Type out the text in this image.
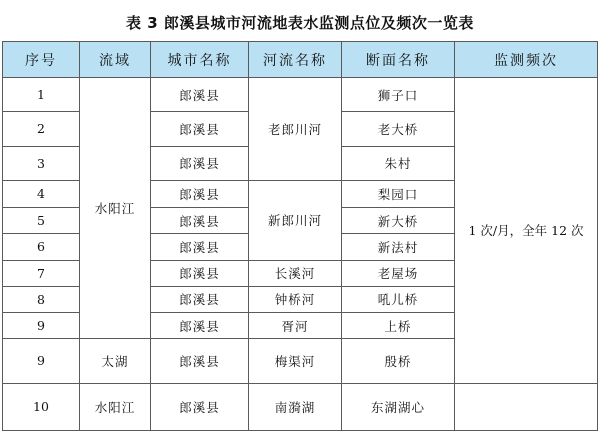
表 3 郎溪县城市河流地表水监测点位及频次一览表
序号	流域	城市名称	河流名称	断面名称	监测频次
1	水阳江	郎溪县	老郎川河	狮子口	1 次/月，全年 12 次
2		郎溪县		老大桥	
3		郎溪县		朱村	
4		郎溪县	新郎川河	梨园口	
5		郎溪县		新大桥	
6		郎溪县		新法村	
7		郎溪县	长溪河	老屋场	
8		郎溪县	钟桥河	吼儿桥	
9		郎溪县	胥河	上桥	
9	太湖	郎溪县	梅渠河	殷桥	
10	水阳江	郎溪县	南漪湖	东湖湖心	
